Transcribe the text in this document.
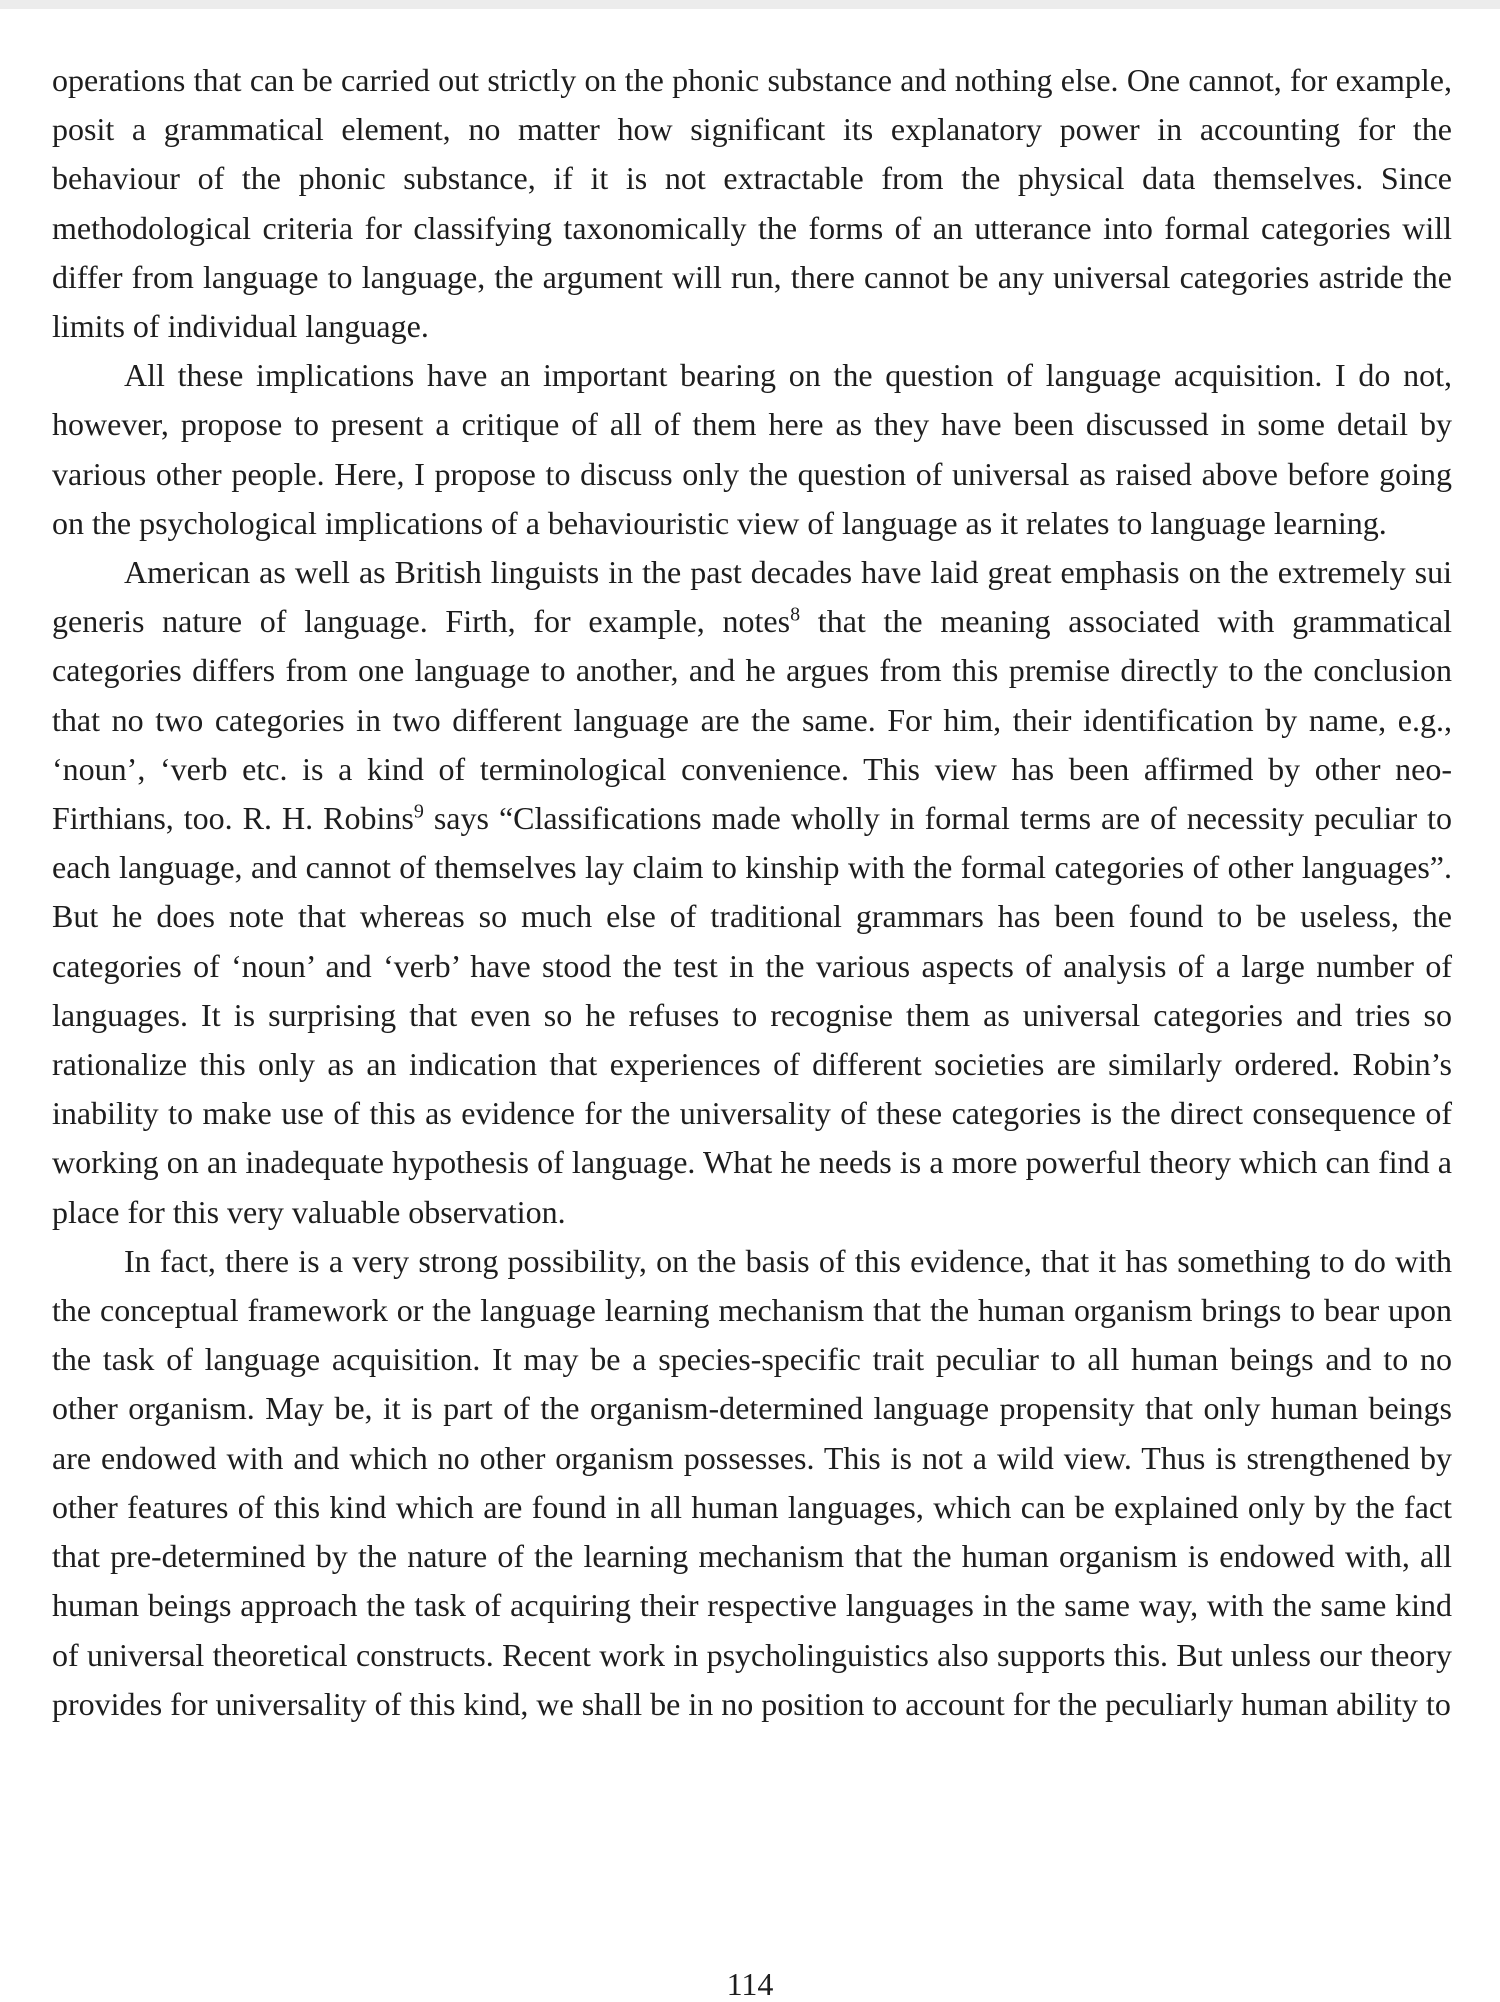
operations that can be carried out strictly on the phonic substance and nothing else. One cannot, for example, posit a grammatical element, no matter how significant its explanatory power in accounting for the behaviour of the phonic substance, if it is not extractable from the physical data themselves. Since methodological criteria for classifying taxonomically the forms of an utterance into formal categories will differ from language to language, the argument will run, there cannot be any universal categories astride the limits of individual language.

All these implications have an important bearing on the question of language acquisition. I do not, however, propose to present a critique of all of them here as they have been discussed in some detail by various other people. Here, I propose to discuss only the question of universal as raised above before going on the psychological implications of a behaviouristic view of language as it relates to language learning.

American as well as British linguists in the past decades have laid great emphasis on the extremely sui generis nature of language. Firth, for example, notes$^8$ that the meaning associated with grammatical categories differs from one language to another, and he argues from this premise directly to the conclusion that no two categories in two different language are the same. For him, their identification by name, e.g., ‘noun’, ‘verb etc. is a kind of terminological convenience. This view has been affirmed by other neo-Firthians, too. R. H. Robins$^9$ says “Classifications made wholly in formal terms are of necessity peculiar to each language, and cannot of themselves lay claim to kinship with the formal categories of other languages”. But he does note that whereas so much else of traditional grammars has been found to be useless, the categories of ‘noun’ and ‘verb’ have stood the test in the various aspects of analysis of a large number of languages. It is surprising that even so he refuses to recognise them as universal categories and tries so rationalize this only as an indication that experiences of different societies are similarly ordered. Robin’s inability to make use of this as evidence for the universality of these categories is the direct consequence of working on an inadequate hypothesis of language. What he needs is a more powerful theory which can find a place for this very valuable observation.

In fact, there is a very strong possibility, on the basis of this evidence, that it has something to do with the conceptual framework or the language learning mechanism that the human organism brings to bear upon the task of language acquisition. It may be a species-specific trait peculiar to all human beings and to no other organism. May be, it is part of the organism-determined language propensity that only human beings are endowed with and which no other organism possesses. This is not a wild view. Thus is strengthened by other features of this kind which are found in all human languages, which can be explained only by the fact that pre-determined by the nature of the learning mechanism that the human organism is endowed with, all human beings approach the task of acquiring their respective languages in the same way, with the same kind of universal theoretical constructs. Recent work in psycholinguistics also supports this. But unless our theory provides for universality of this kind, we shall be in no position to account for the peculiarly human ability to

114
